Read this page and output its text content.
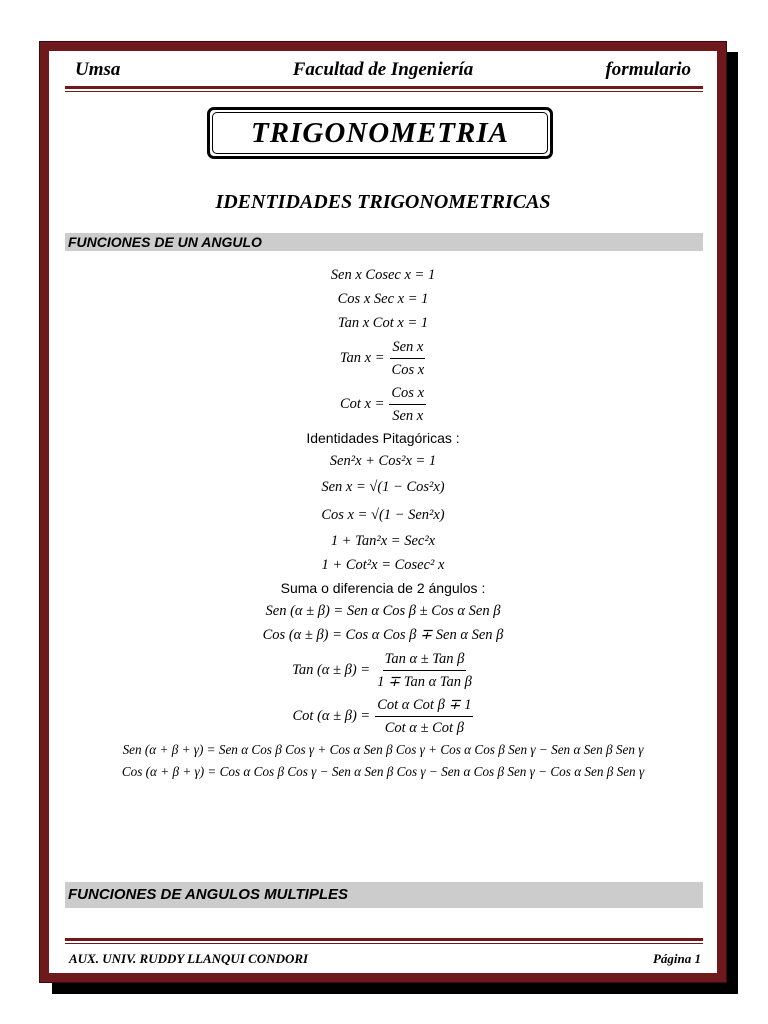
Umsa	Facultad de Ingeniería	formulario
TRIGONOMETRIA
IDENTIDADES TRIGONOMETRICAS
FUNCIONES DE UN ANGULO
Sen x Cosec x = 1
Cos x Sec x = 1
Tan x Cot x = 1
Tan $x = \frac{\text{Sen x}}{\text{Cos x}}$
Cot $x = \frac{\text{Cos x}}{\text{Sen x}}$
Identidades Pitagóricas :
Sen²x + Cos²x = 1
Sen x = √(1 − Cos²x)
Cos x = √(1 − Sen²x)
1 + Tan²x = Sec²x
1 + Cot²x = Cosec² x
Suma o diferencia de 2 ángulos :
Sen (α ± β) = Sen α Cos β ± Cos α Sen β
Cos (α ± β) = Cos α Cos β ∓ Sen α Sen β
Tan $(\alpha \pm \beta) = \frac{\text{Tan α ± Tan β}}{\text{1 ∓ Tan α Tan β}}$
Cot $(\alpha \pm \beta) = \frac{\text{Cot α Cot β ∓ 1}}{\text{Cot α ± Cot β}}$
Sen (α + β + γ) = Sen α Cos β Cos γ + Cos α Sen β Cos γ + Cos α Cos β Sen γ − Sen α Sen β Sen γ
Cos (α + β + γ) = Cos α Cos β Cos γ − Sen α Sen β Cos γ − Sen α Cos β Sen γ − Cos α Sen β Sen γ
FUNCIONES DE ANGULOS MULTIPLES
AUX. UNIV. RUDDY LLANQUI CONDORI	Página 1
